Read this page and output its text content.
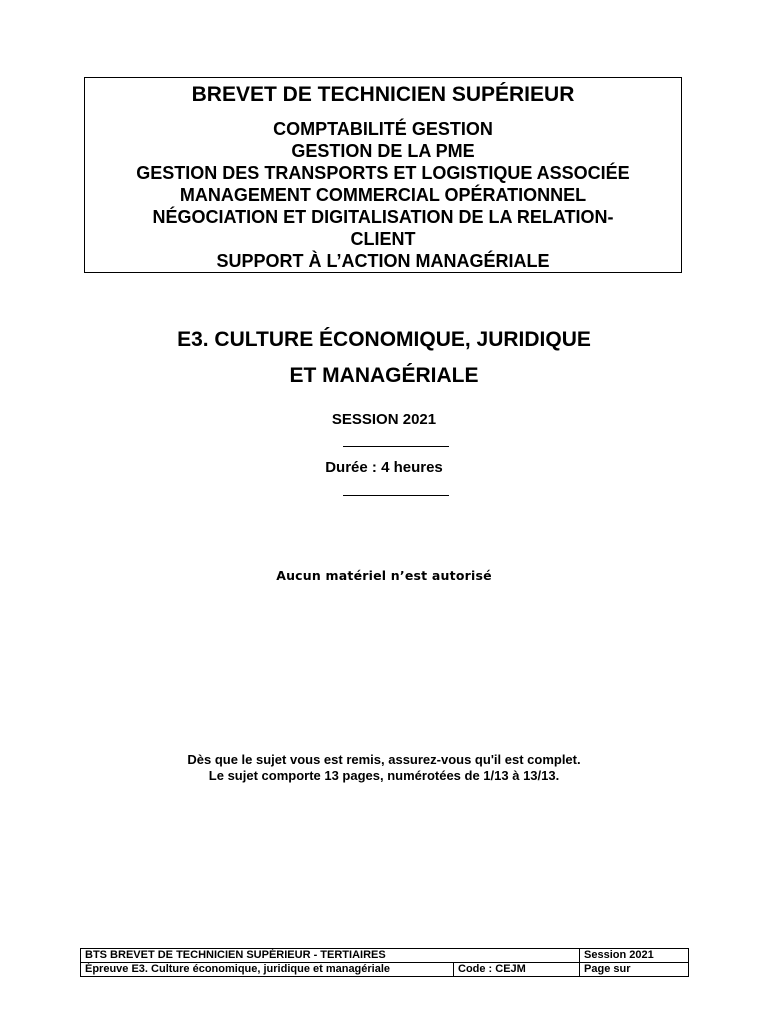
BREVET DE TECHNICIEN SUPÉRIEUR
COMPTABILITÉ GESTION
GESTION DE LA PME
GESTION DES TRANSPORTS ET LOGISTIQUE ASSOCIÉE
MANAGEMENT COMMERCIAL OPÉRATIONNEL
NÉGOCIATION ET DIGITALISATION DE LA RELATION-
CLIENT
SUPPORT À L’ACTION MANAGÉRIALE
E3. CULTURE ÉCONOMIQUE, JURIDIQUE
ET MANAGÉRIALE
SESSION 2021
Durée : 4 heures
Aucun matériel n’est autorisé
Dès que le sujet vous est remis, assurez-vous qu'il est complet.
Le sujet comporte 13 pages, numérotées de 1/13 à 13/13.
BTS BREVET DE TECHNICIEN SUPÉRIEUR - TERTIAIRES		Session 2021
Épreuve E3. Culture économique, juridique et managériale	Code : CEJM	Page sur
